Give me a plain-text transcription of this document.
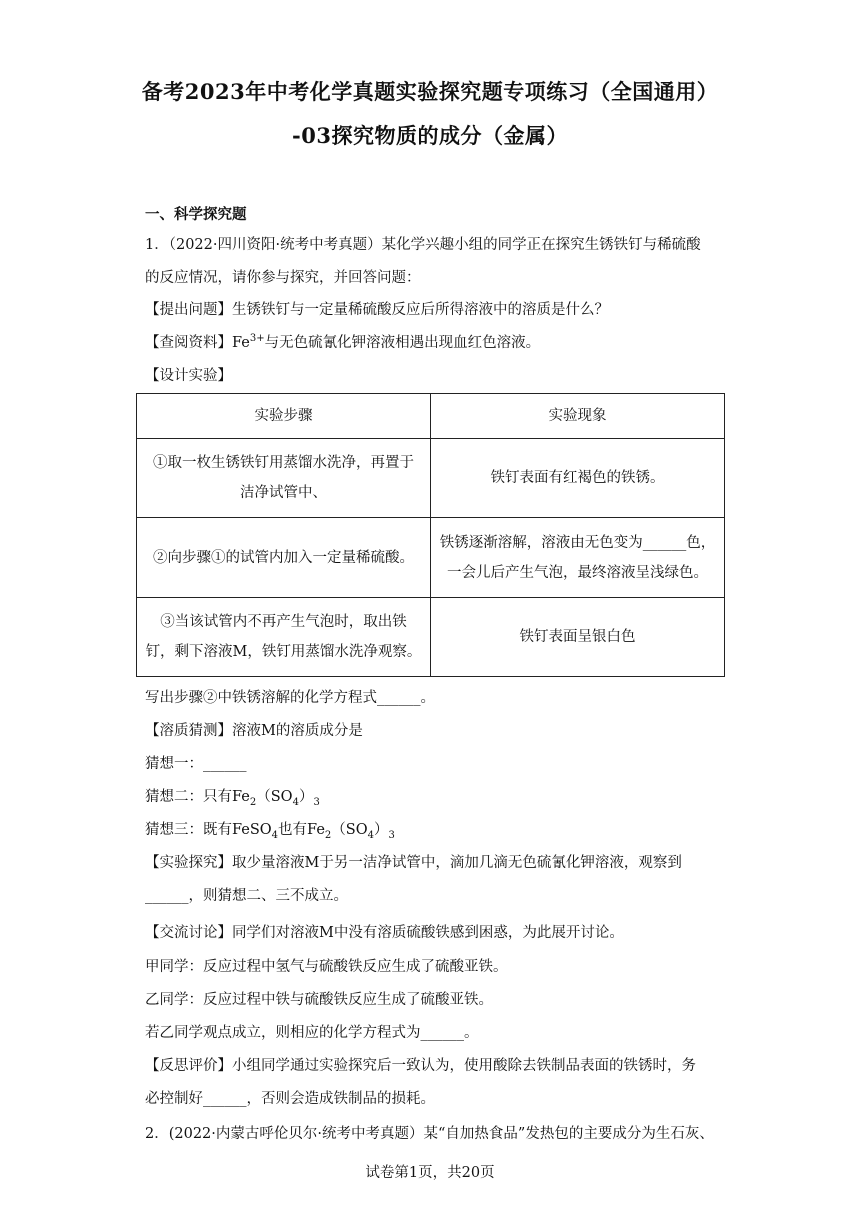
备考2023年中考化学真题实验探究题专项练习（全国通用）
-03探究物质的成分（金属）
一、科学探究题
1．（2022·四川资阳·统考中考真题）某化学兴趣小组的同学正在探究生锈铁钉与稀硫酸
的反应情况，请你参与探究，并回答问题：
【提出问题】生锈铁钉与一定量稀硫酸反应后所得溶液中的溶质是什么？
【查阅资料】$Fe^{3+}$与无色硫氰化钾溶液相遇出现血红色溶液。
【设计实验】
实验步骤	实验现象

①取一枚生锈铁钉用蒸馏水洗净，再置于
洁净试管中、	铁钉表面有红褐色的铁锈。

②向步骤①的试管内加入一定量稀硫酸。	铁锈逐渐溶解，溶液由无色变为______色，
一会儿后产生气泡，最终溶液呈浅绿色。

③当该试管内不再产生气泡时，取出铁
钉，剩下溶液M，铁钉用蒸馏水洗净观察。	铁钉表面呈银白色
写出步骤②中铁锈溶解的化学方程式______。
【溶质猜测】溶液M的溶质成分是
猜想一：______
猜想二：只有$Fe_2(SO_4)_3$
猜想三：既有FeSO$_4$也有$Fe_2(SO_4)_3$
【实验探究】取少量溶液M于另一洁净试管中，滴加几滴无色硫氰化钾溶液，观察到
______，则猜想二、三不成立。
【交流讨论】同学们对溶液M中没有溶质硫酸铁感到困惑，为此展开讨论。
甲同学：反应过程中氢气与硫酸铁反应生成了硫酸亚铁。
乙同学：反应过程中铁与硫酸铁反应生成了硫酸亚铁。
若乙同学观点成立，则相应的化学方程式为______。
【反思评价】小组同学通过实验探究后一致认为，使用酸除去铁制品表面的铁锈时，务
必控制好______，否则会造成铁制品的损耗。
2．(2022·内蒙古呼伦贝尔·统考中考真题）某“自加热食品”发热包的主要成分为生石灰、
试卷第1页，共20页
